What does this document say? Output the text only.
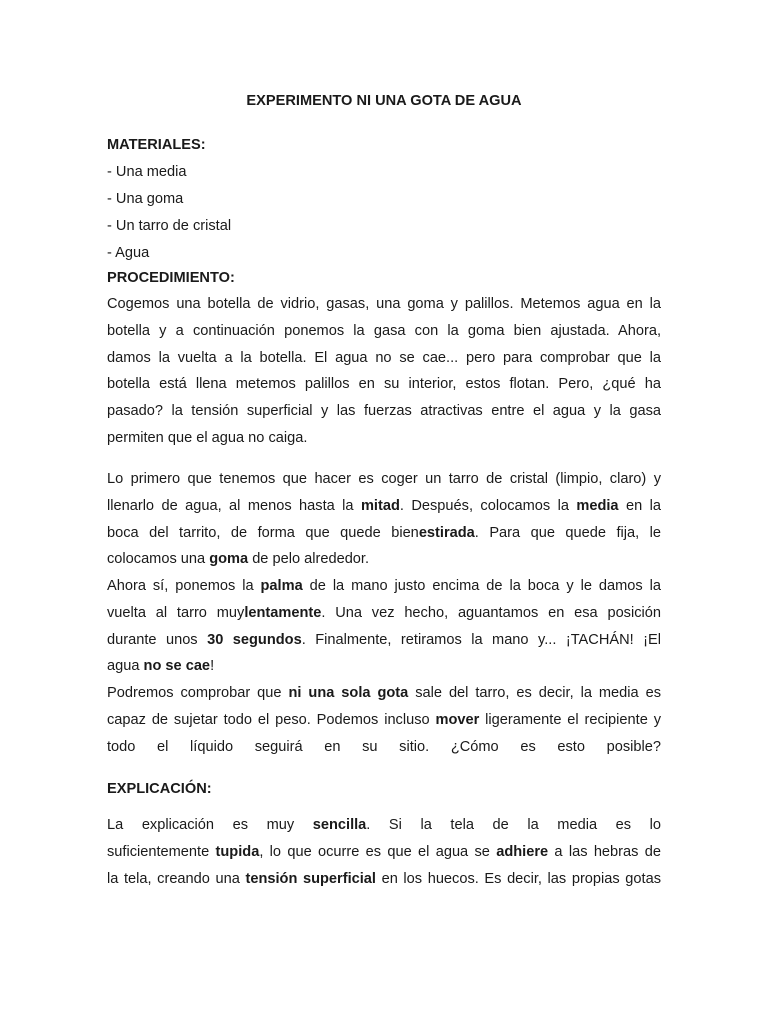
EXPERIMENTO NI UNA GOTA DE AGUA
MATERIALES:
- Una media
- Una goma
- Un tarro de cristal
- Agua
PROCEDIMIENTO:
Cogemos una botella de vidrio, gasas, una goma y palillos. Metemos agua en la
botella y a continuación ponemos la gasa con la goma bien ajustada. Ahora,
damos la vuelta a la botella. El agua no se cae... pero para comprobar que la
botella está llena metemos palillos en su interior, estos flotan. Pero, ¿qué ha
pasado? la tensión superficial y las fuerzas atractivas entre el agua y la gasa
permiten que el agua no caiga.
Lo primero que tenemos que hacer es coger un tarro de cristal (limpio, claro) y
llenarlo de agua, al menos hasta la mitad. Después, colocamos la media en la
boca del tarrito, de forma que quede bienestirada. Para que quede fija, le
colocamos una goma de pelo alrededor.
Ahora sí, ponemos la palma de la mano justo encima de la boca y le damos la
vuelta al tarro muylentamente. Una vez hecho, aguantamos en esa posición
durante unos 30 segundos. Finalmente, retiramos la mano y... ¡TACHÁN! ¡El
agua no se cae!
Podremos comprobar que ni una sola gota sale del tarro, es decir, la media es
capaz de sujetar todo el peso. Podemos incluso mover ligeramente el recipiente y
todo el líquido seguirá en su sitio. ¿Cómo es esto posible?
EXPLICACIÓN:
La explicación es muy sencilla. Si la tela de la media es lo
suficientemente tupida, lo que ocurre es que el agua se adhiere a las hebras de
la tela, creando una tensión superficial en los huecos. Es decir, las propias gotas
